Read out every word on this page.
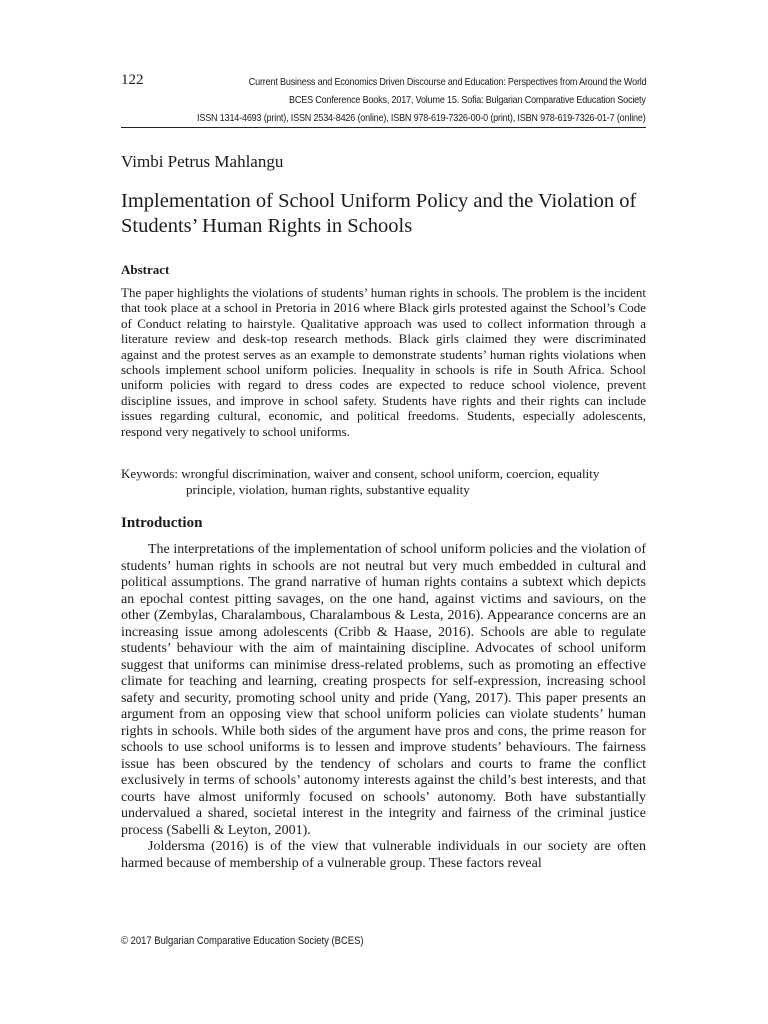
122	Current Business and Economics Driven Discourse and Education: Perspectives from Around the World
BCES Conference Books, 2017, Volume 15. Sofia: Bulgarian Comparative Education Society
ISSN 1314-4693 (print), ISSN 2534-8426 (online), ISBN 978-619-7326-00-0 (print), ISBN 978-619-7326-01-7 (online)
Vimbi Petrus Mahlangu
Implementation of School Uniform Policy and the Violation of Students’ Human Rights in Schools
Abstract

The paper highlights the violations of students’ human rights in schools. The problem is the incident that took place at a school in Pretoria in 2016 where Black girls protested against the School’s Code of Conduct relating to hairstyle. Qualitative approach was used to collect information through a literature review and desk-top research methods. Black girls claimed they were discriminated against and the protest serves as an example to demonstrate students’ human rights violations when schools implement school uniform policies. Inequality in schools is rife in South Africa. School uniform policies with regard to dress codes are expected to reduce school violence, prevent discipline issues, and improve in school safety. Students have rights and their rights can include issues regarding cultural, economic, and political freedoms. Students, especially adolescents, respond very negatively to school uniforms.

Keywords: wrongful discrimination, waiver and consent, school uniform, coercion, equality
principle, violation, human rights, substantive equality
Introduction

The interpretations of the implementation of school uniform policies and the violation of students’ human rights in schools are not neutral but very much embedded in cultural and political assumptions. The grand narrative of human rights contains a subtext which depicts an epochal contest pitting savages, on the one hand, against victims and saviours, on the other (Zembylas, Charalambous, Charalambous & Lesta, 2016). Appearance concerns are an increasing issue among adolescents (Cribb & Haase, 2016). Schools are able to regulate students’ behaviour with the aim of maintaining discipline. Advocates of school uniform suggest that uniforms can minimise dress-related problems, such as promoting an effective climate for teaching and learning, creating prospects for self-expression, increasing school safety and security, promoting school unity and pride (Yang, 2017). This paper presents an argument from an opposing view that school uniform policies can violate students’ human rights in schools. While both sides of the argument have pros and cons, the prime reason for schools to use school uniforms is to lessen and improve students’ behaviours. The fairness issue has been obscured by the tendency of scholars and courts to frame the conflict exclusively in terms of schools’ autonomy interests against the child’s best interests, and that courts have almost uniformly focused on schools’ autonomy. Both have substantially undervalued a shared, societal interest in the integrity and fairness of the criminal justice process (Sabelli & Leyton, 2001).

Joldersma (2016) is of the view that vulnerable individuals in our society are often harmed because of membership of a vulnerable group. These factors reveal

© 2017 Bulgarian Comparative Education Society (BCES)
